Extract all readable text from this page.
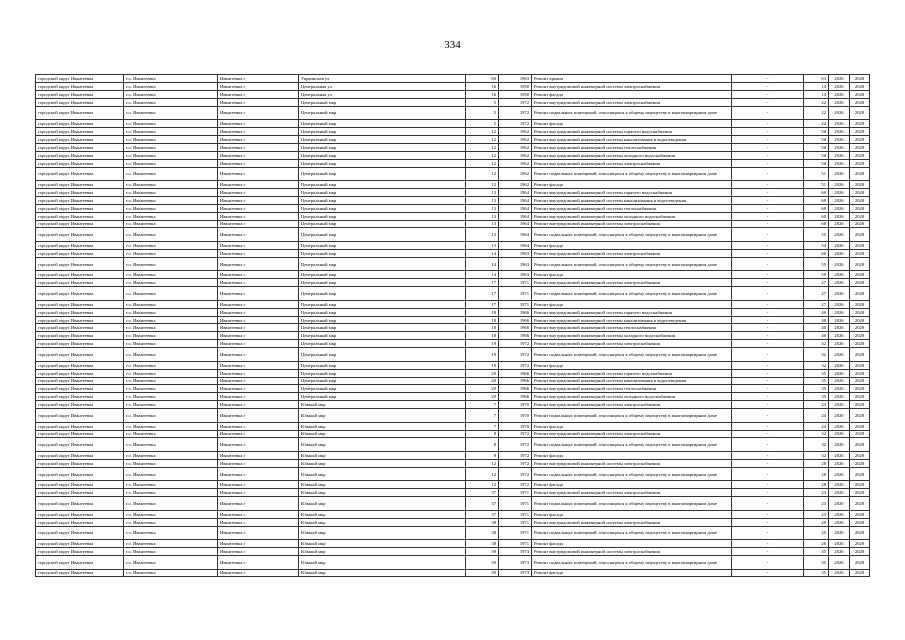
334
городской округ Ивантеевка	г.о. Ивантеевка	Ивантеевка г	Украинская ул	60	1963	Ремонт крыши	-	63	2026	2028
городской округ Ивантеевка	г.о. Ивантеевка	Ивантеевка г	Центральная ул	16	1958	Ремонт внутридомовой инженерной системы электроснабжения	-	14	2026	2028
городской округ Ивантеевка	г.о. Ивантеевка	Ивантеевка г	Центральная ул	16	1958	Ремонт фасада	-	14	2026	2028
городской округ Ивантеевка	г.о. Ивантеевка	Ивантеевка г	Центральный мкр	5	1972	Ремонт внутридомовой инженерной системы электроснабжения	-	22	2026	2028
городской округ Ивантеевка	г.о. Ивантеевка	Ивантеевка г	Центральный мкр	5	1972	Ремонт подвальных помещений, относящихся к общему имуществу в многоквартирном доме	-	22	2026	2028
городской округ Ивантеевка	г.о. Ивантеевка	Ивантеевка г	Центральный мкр	5	1972	Ремонт фасада	-	22	2026	2028
городской округ Ивантеевка	г.о. Ивантеевка	Ивантеевка г	Центральный мкр	12	1962	Ремонт внутридомовой инженерной системы горячего водоснабжения	-	50	2026	2028
городской округ Ивантеевка	г.о. Ивантеевка	Ивантеевка г	Центральный мкр	12	1962	Ремонт внутридомовой инженерной системы канализования и водоотведения	-	50	2026	2028
городской округ Ивантеевка	г.о. Ивантеевка	Ивантеевка г	Центральный мкр	12	1962	Ремонт внутридомовой инженерной системы теплоснабжения	-	50	2026	2028
городской округ Ивантеевка	г.о. Ивантеевка	Ивантеевка г	Центральный мкр	12	1962	Ремонт внутридомовой инженерной системы холодного водоснабжения	-	50	2026	2028
городской округ Ивантеевка	г.о. Ивантеевка	Ивантеевка г	Центральный мкр	12	1962	Ремонт внутридомовой инженерной системы электроснабжения	-	50	2026	2028
городской округ Ивантеевка	г.о. Ивантеевка	Ивантеевка г	Центральный мкр	12	1962	Ремонт подвальных помещений, относящихся к общему имуществу в многоквартирном доме	-	51	2026	2028
городской округ Ивантеевка	г.о. Ивантеевка	Ивантеевка г	Центральный мкр	12	1962	Ремонт фасада	-	51	2026	2028
городской округ Ивантеевка	г.о. Ивантеевка	Ивантеевка г	Центральный мкр	13	1964	Ремонт внутридомовой инженерной системы горячего водоснабжения	-	60	2026	2028
городской округ Ивантеевка	г.о. Ивантеевка	Ивантеевка г	Центральный мкр	13	1964	Ремонт внутридомовой инженерной системы канализования и водоотведения	-	60	2026	2028
городской округ Ивантеевка	г.о. Ивантеевка	Ивантеевка г	Центральный мкр	13	1964	Ремонт внутридомовой инженерной системы теплоснабжения	-	60	2026	2028
городской округ Ивантеевка	г.о. Ивантеевка	Ивантеевка г	Центральный мкр	13	1964	Ремонт внутридомовой инженерной системы холодного водоснабжения	-	60	2026	2028
городской округ Ивантеевка	г.о. Ивантеевка	Ивантеевка г	Центральный мкр	13	1964	Ремонт внутридомовой инженерной системы электроснабжения	-	60	2026	2028
городской округ Ивантеевка	г.о. Ивантеевка	Ивантеевка г	Центральный мкр	13	1964	Ремонт подвальных помещений, относящихся к общему имуществу в многоквартирном доме	-	55	2026	2028
городской округ Ивантеевка	г.о. Ивантеевка	Ивантеевка г	Центральный мкр	13	1964	Ремонт фасада	-	54	2026	2028
городской округ Ивантеевка	г.о. Ивантеевка	Ивантеевка г	Центральный мкр	14	1963	Ремонт внутридомовой инженерной системы электроснабжения	-	60	2026	2028
городской округ Ивантеевка	г.о. Ивантеевка	Ивантеевка г	Центральный мкр	14	1963	Ремонт подвальных помещений, относящихся к общему имуществу в многоквартирном доме	-	55	2026	2028
городской округ Ивантеевка	г.о. Ивантеевка	Ивантеевка г	Центральный мкр	14	1963	Ремонт фасада	-	50	2026	2028
городской округ Ивантеевка	г.о. Ивантеевка	Ивантеевка г	Центральный мкр	17	1971	Ремонт внутридомовой инженерной системы электроснабжения	-	27	2026	2028
городской округ Ивантеевка	г.о. Ивантеевка	Ивантеевка г	Центральный мкр	17	1971	Ремонт подвальных помещений, относящихся к общему имуществу в многоквартирном доме	-	27	2026	2028
городской округ Ивантеевка	г.о. Ивантеевка	Ивантеевка г	Центральный мкр	17	1971	Ремонт фасада	-	27	2026	2028
городской округ Ивантеевка	г.о. Ивантеевка	Ивантеевка г	Центральный мкр	18	1966	Ремонт внутридомовой инженерной системы горячего водоснабжения	-	40	2026	2028
городской округ Ивантеевка	г.о. Ивантеевка	Ивантеевка г	Центральный мкр	18	1966	Ремонт внутридомовой инженерной системы канализования и водоотведения	-	40	2026	2028
городской округ Ивантеевка	г.о. Ивантеевка	Ивантеевка г	Центральный мкр	18	1966	Ремонт внутридомовой инженерной системы теплоснабжения	-	40	2026	2028
городской округ Ивантеевка	г.о. Ивантеевка	Ивантеевка г	Центральный мкр	18	1966	Ремонт внутридомовой инженерной системы холодного водоснабжения	-	40	2026	2028
городской округ Ивантеевка	г.о. Ивантеевка	Ивантеевка г	Центральный мкр	19	1972	Ремонт внутридомовой инженерной системы электроснабжения	-	32	2026	2028
городской округ Ивантеевка	г.о. Ивантеевка	Ивантеевка г	Центральный мкр	19	1972	Ремонт подвальных помещений, относящихся к общему имуществу в многоквартирном доме	-	32	2026	2028
городской округ Ивантеевка	г.о. Ивантеевка	Ивантеевка г	Центральный мкр	19	1972	Ремонт фасада	-	32	2026	2028
городской округ Ивантеевка	г.о. Ивантеевка	Ивантеевка г	Центральный мкр	20	1966	Ремонт внутридомовой инженерной системы горячего водоснабжения	-	35	2026	2028
городской округ Ивантеевка	г.о. Ивантеевка	Ивантеевка г	Центральный мкр	20	1966	Ремонт внутридомовой инженерной системы канализования и водоотведения	-	35	2026	2028
городской округ Ивантеевка	г.о. Ивантеевка	Ивантеевка г	Центральный мкр	20	1966	Ремонт внутридомовой инженерной системы теплоснабжения	-	35	2026	2028
городской округ Ивантеевка	г.о. Ивантеевка	Ивантеевка г	Центральный мкр	20	1966	Ремонт внутридомовой инженерной системы холодного водоснабжения	-	35	2026	2028
городской округ Ивантеевка	г.о. Ивантеевка	Ивантеевка г	Южный мкр	7	1970	Ремонт внутридомовой инженерной системы электроснабжения	-	24	2026	2028
городской округ Ивантеевка	г.о. Ивантеевка	Ивантеевка г	Южный мкр	7	1970	Ремонт подвальных помещений, относящихся к общему имуществу в многоквартирном доме	-	24	2026	2028
городской округ Ивантеевка	г.о. Ивантеевка	Ивантеевка г	Южный мкр	7	1970	Ремонт фасада	-	24	2026	2028
городской округ Ивантеевка	г.о. Ивантеевка	Ивантеевка г	Южный мкр	8	1972	Ремонт внутридомовой инженерной системы электроснабжения	-	32	2026	2028
городской округ Ивантеевка	г.о. Ивантеевка	Ивантеевка г	Южный мкр	8	1972	Ремонт подвальных помещений, относящихся к общему имуществу в многоквартирном доме	-	32	2026	2028
городской округ Ивантеевка	г.о. Ивантеевка	Ивантеевка г	Южный мкр	8	1972	Ремонт фасада	-	32	2026	2028
городской округ Ивантеевка	г.о. Ивантеевка	Ивантеевка г	Южный мкр	12	1972	Ремонт внутридомовой инженерной системы электроснабжения	-	28	2026	2028
городской округ Ивантеевка	г.о. Ивантеевка	Ивантеевка г	Южный мкр	12	1972	Ремонт подвальных помещений, относящихся к общему имуществу в многоквартирном доме	-	28	2026	2028
городской округ Ивантеевка	г.о. Ивантеевка	Ивантеевка г	Южный мкр	12	1972	Ремонт фасада	-	28	2026	2028
городской округ Ивантеевка	г.о. Ивантеевка	Ивантеевка г	Южный мкр	37	1971	Ремонт внутридомовой инженерной системы электроснабжения	-	23	2026	2028
городской округ Ивантеевка	г.о. Ивантеевка	Ивантеевка г	Южный мкр	37	1971	Ремонт подвальных помещений, относящихся к общему имуществу в многоквартирном доме	-	23	2026	2028
городской округ Ивантеевка	г.о. Ивантеевка	Ивантеевка г	Южный мкр	37	1971	Ремонт фасада	-	23	2026	2028
городской округ Ивантеевка	г.о. Ивантеевка	Ивантеевка г	Южный мкр	38	1971	Ремонт внутридомовой инженерной системы электроснабжения	-	20	2026	2028
городской округ Ивантеевка	г.о. Ивантеевка	Ивантеевка г	Южный мкр	38	1971	Ремонт подвальных помещений, относящихся к общему имуществу в многоквартирном доме	-	20	2026	2028
городской округ Ивантеевка	г.о. Ивантеевка	Ивантеевка г	Южный мкр	38	1971	Ремонт фасада	-	20	2026	2028
городской округ Ивантеевка	г.о. Ивантеевка	Ивантеевка г	Южный мкр	39	1973	Ремонт внутридомовой инженерной системы электроснабжения	-	35	2026	2028
городской округ Ивантеевка	г.о. Ивантеевка	Ивантеевка г	Южный мкр	39	1973	Ремонт подвальных помещений, относящихся к общему имуществу в многоквартирном доме	-	35	2026	2028
городской округ Ивантеевка	г.о. Ивантеевка	Ивантеевка г	Южный мкр	39	1973	Ремонт фасада	-	35	2026	2028
